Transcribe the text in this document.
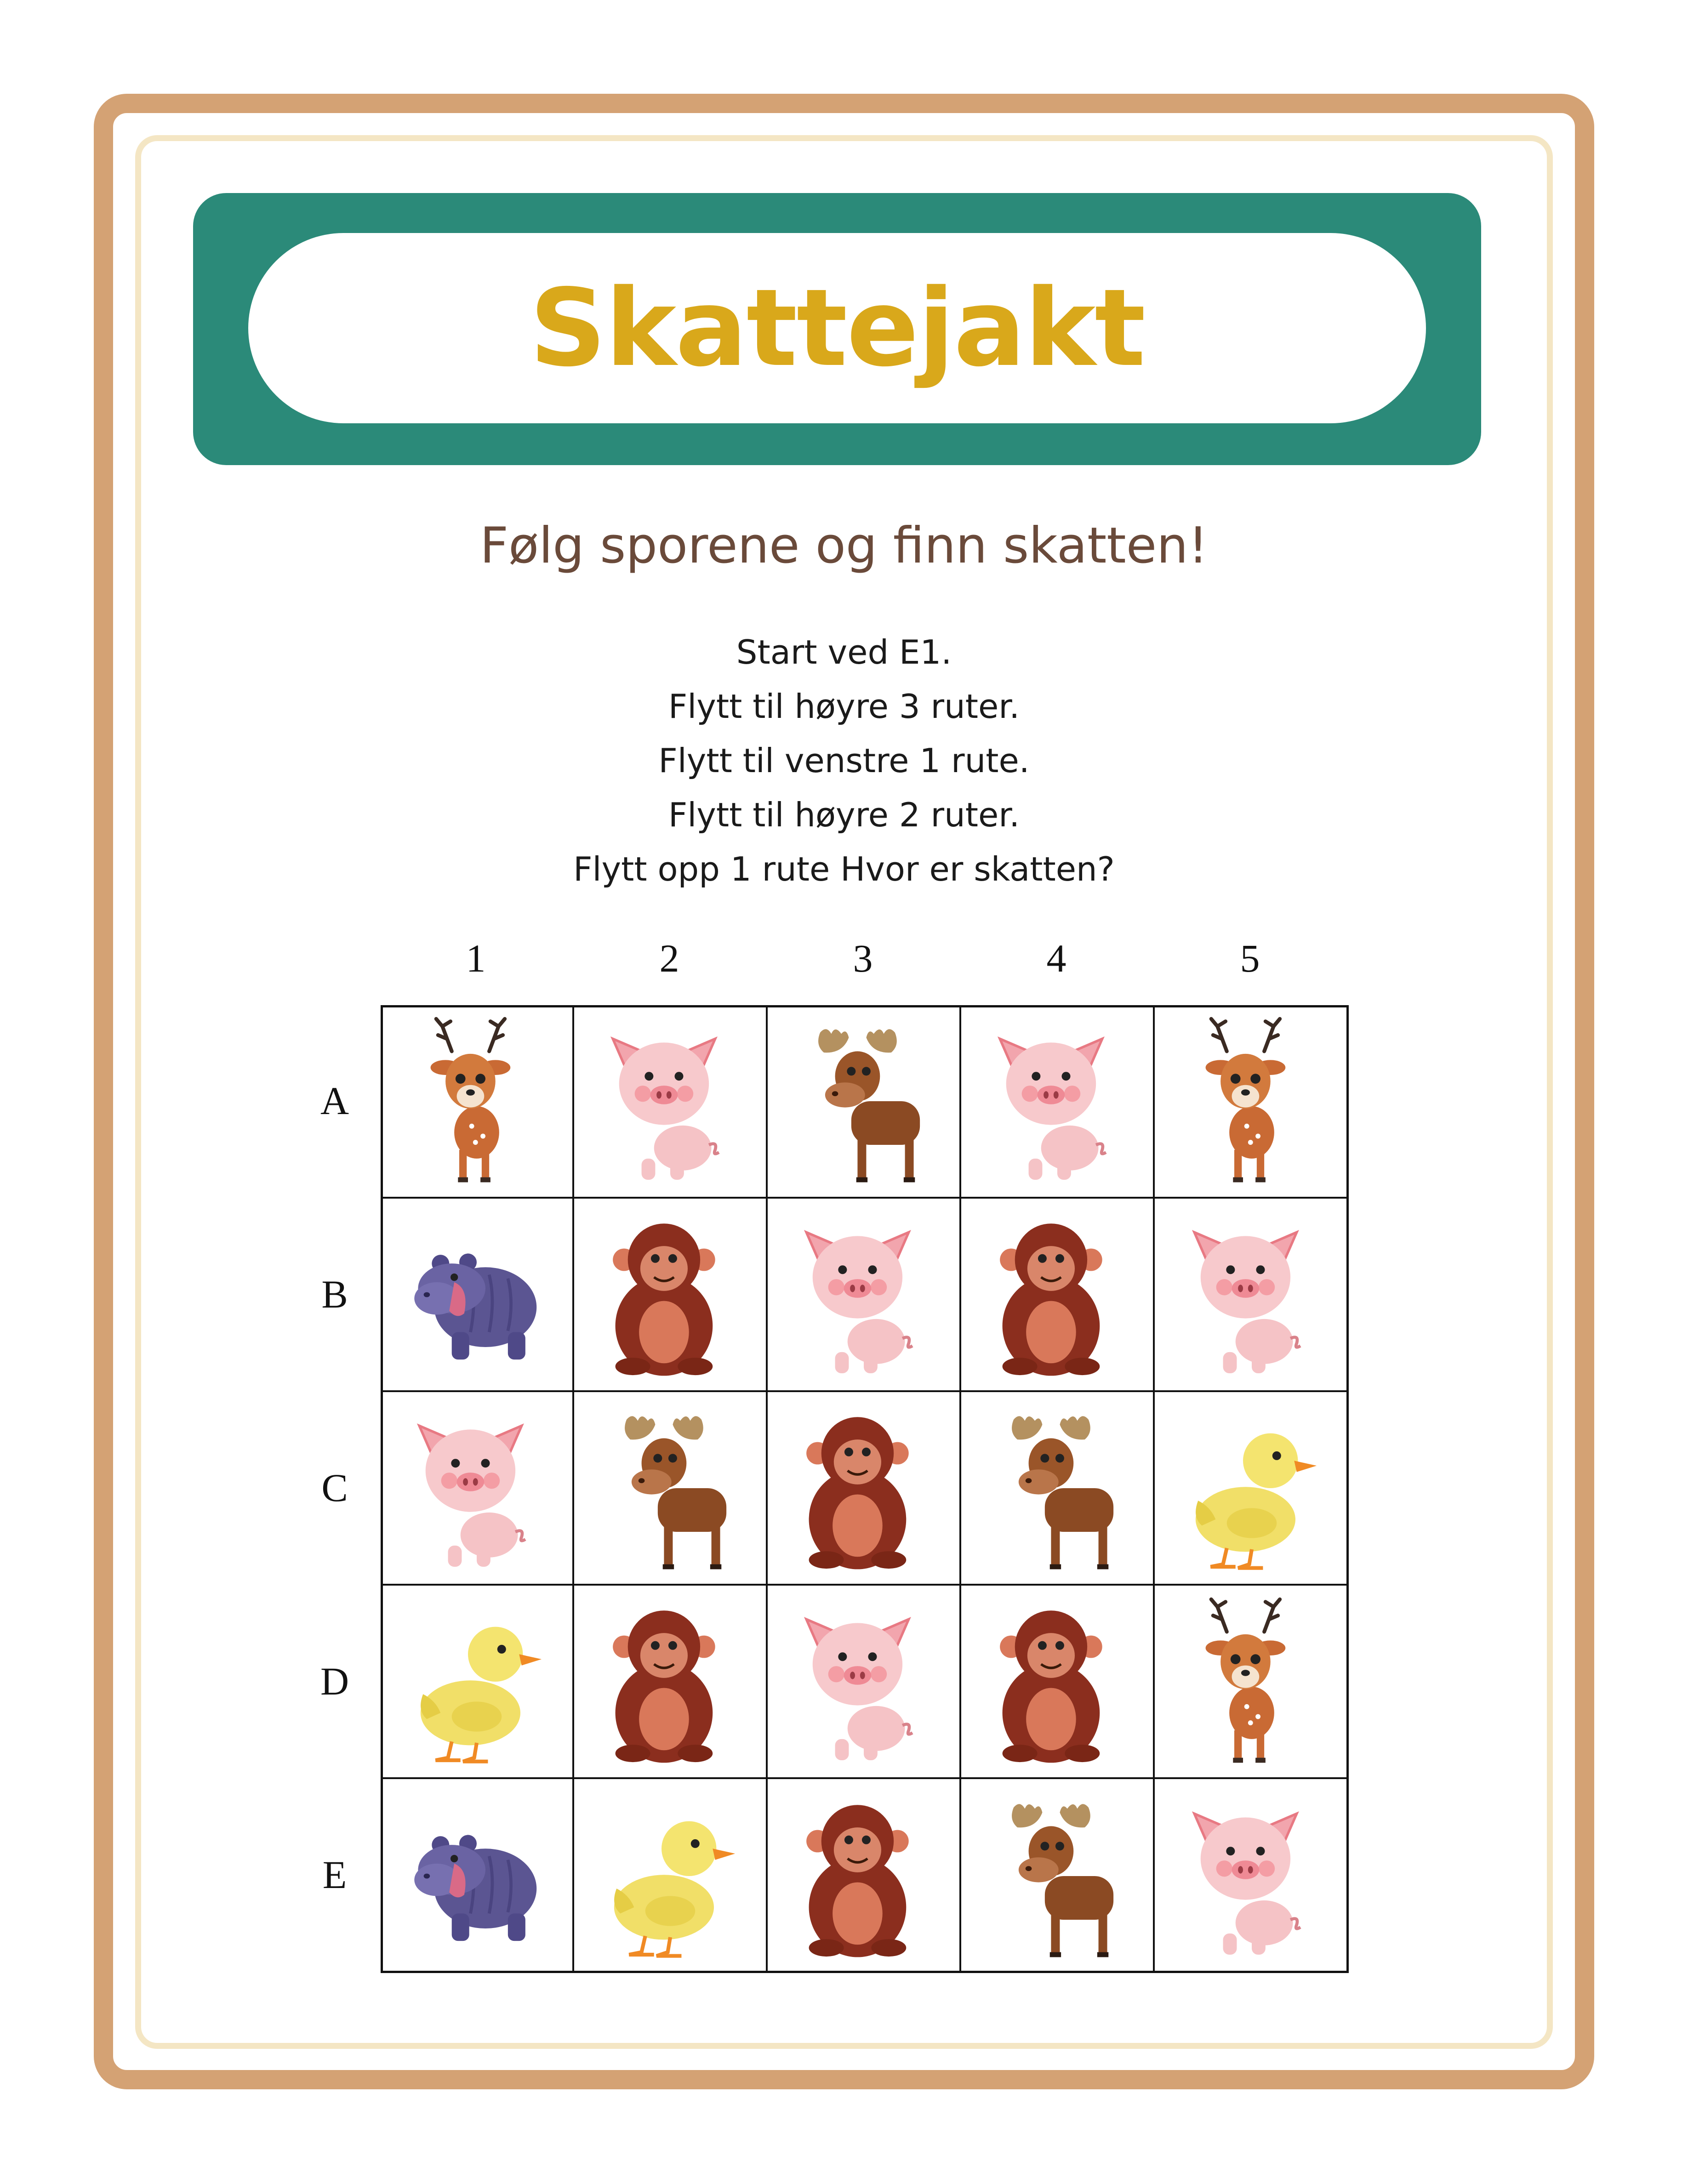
Skattejakt
Følg sporene og finn skatten!
Start ved E1.
Flytt til høyre 3 ruter.
Flytt til venstre 1 rute.
Flytt til høyre 2 ruter.
Flytt opp 1 rute Hvor er skatten?
1	2	3	4	5
A
B
C
D
E
